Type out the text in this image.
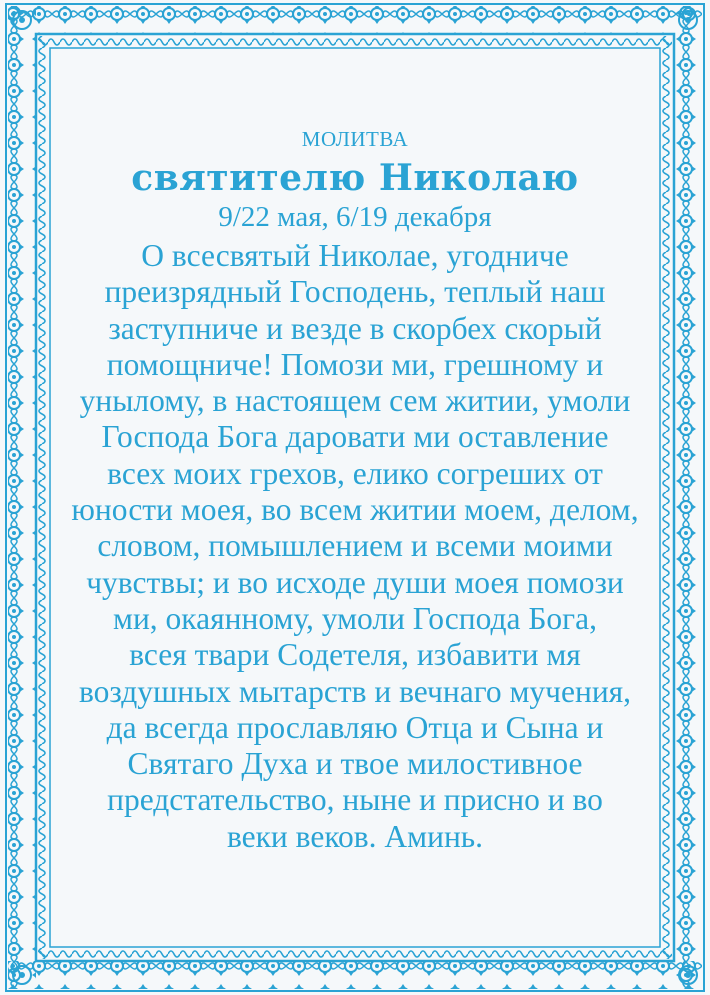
МОЛИТВА
святителю Николаю
9/22 мая, 6/19 декабря
О всесвятый Николае, угодниче
преизрядный Господень, теплый наш
заступниче и везде в скорбех скорый
помощниче! Помози ми, грешному и
унылому, в настоящем сем житии, умоли
Господа Бога даровати ми оставление
всех моих грехов, елико согреших от
юности моея, во всем житии моем, делом,
словом, помышлением и всеми моими
чувствы; и во исходе души моея помози
ми, окаянному, умоли Господа Бога,
всея твари Содетеля, избавити мя
воздушных мытарств и вечнаго мучения,
да всегда прославляю Отца и Сына и
Святаго Духа и твое милостивное
предстательство, ныне и присно и во
веки веков. Аминь.
